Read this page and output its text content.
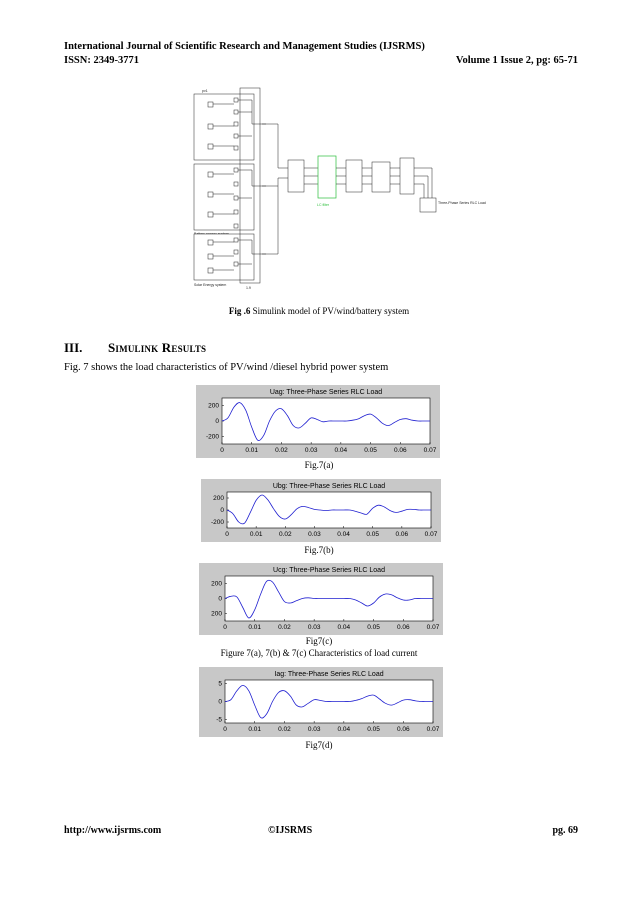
International Journal of Scientific Research and Management Studies (IJSRMS)
ISSN: 2349-3771	Volume 1 Issue 2, pg: 65-71
pv1
Solar Energy system
1.9
LC filter	Three-Phase Series RLC Load
Fig .6 Simulink model of PV/wind/battery system
III. Simulink Results
Fig. 7 shows the load characteristics of PV/wind /diesel hybrid power system
Uag: Three-Phase Series RLC Load
0	0.01	0.02	0.03	0.04	0.05	0.06	0.07
200
0
-200
Fig.7(a)
Ubg: Three-Phase Series RLC Load
0	0.01	0.02	0.03	0.04	0.05	0.06	0.07
200
0
-200
Fig.7(b)
Ucg: Three-Phase Series RLC Load
0	0.01	0.02	0.03	0.04	0.05	0.06	0.07
200
0
200
Fig7(c)
Figure 7(a), 7(b) & 7(c) Characteristics of load current
Iag: Three-Phase Series RLC Load
0	0.01	0.02	0.03	0.04	0.05	0.06	0.07
5
0
-5
Fig7(d)
http://www.ijsrms.com	©IJSRMS	pg. 69
